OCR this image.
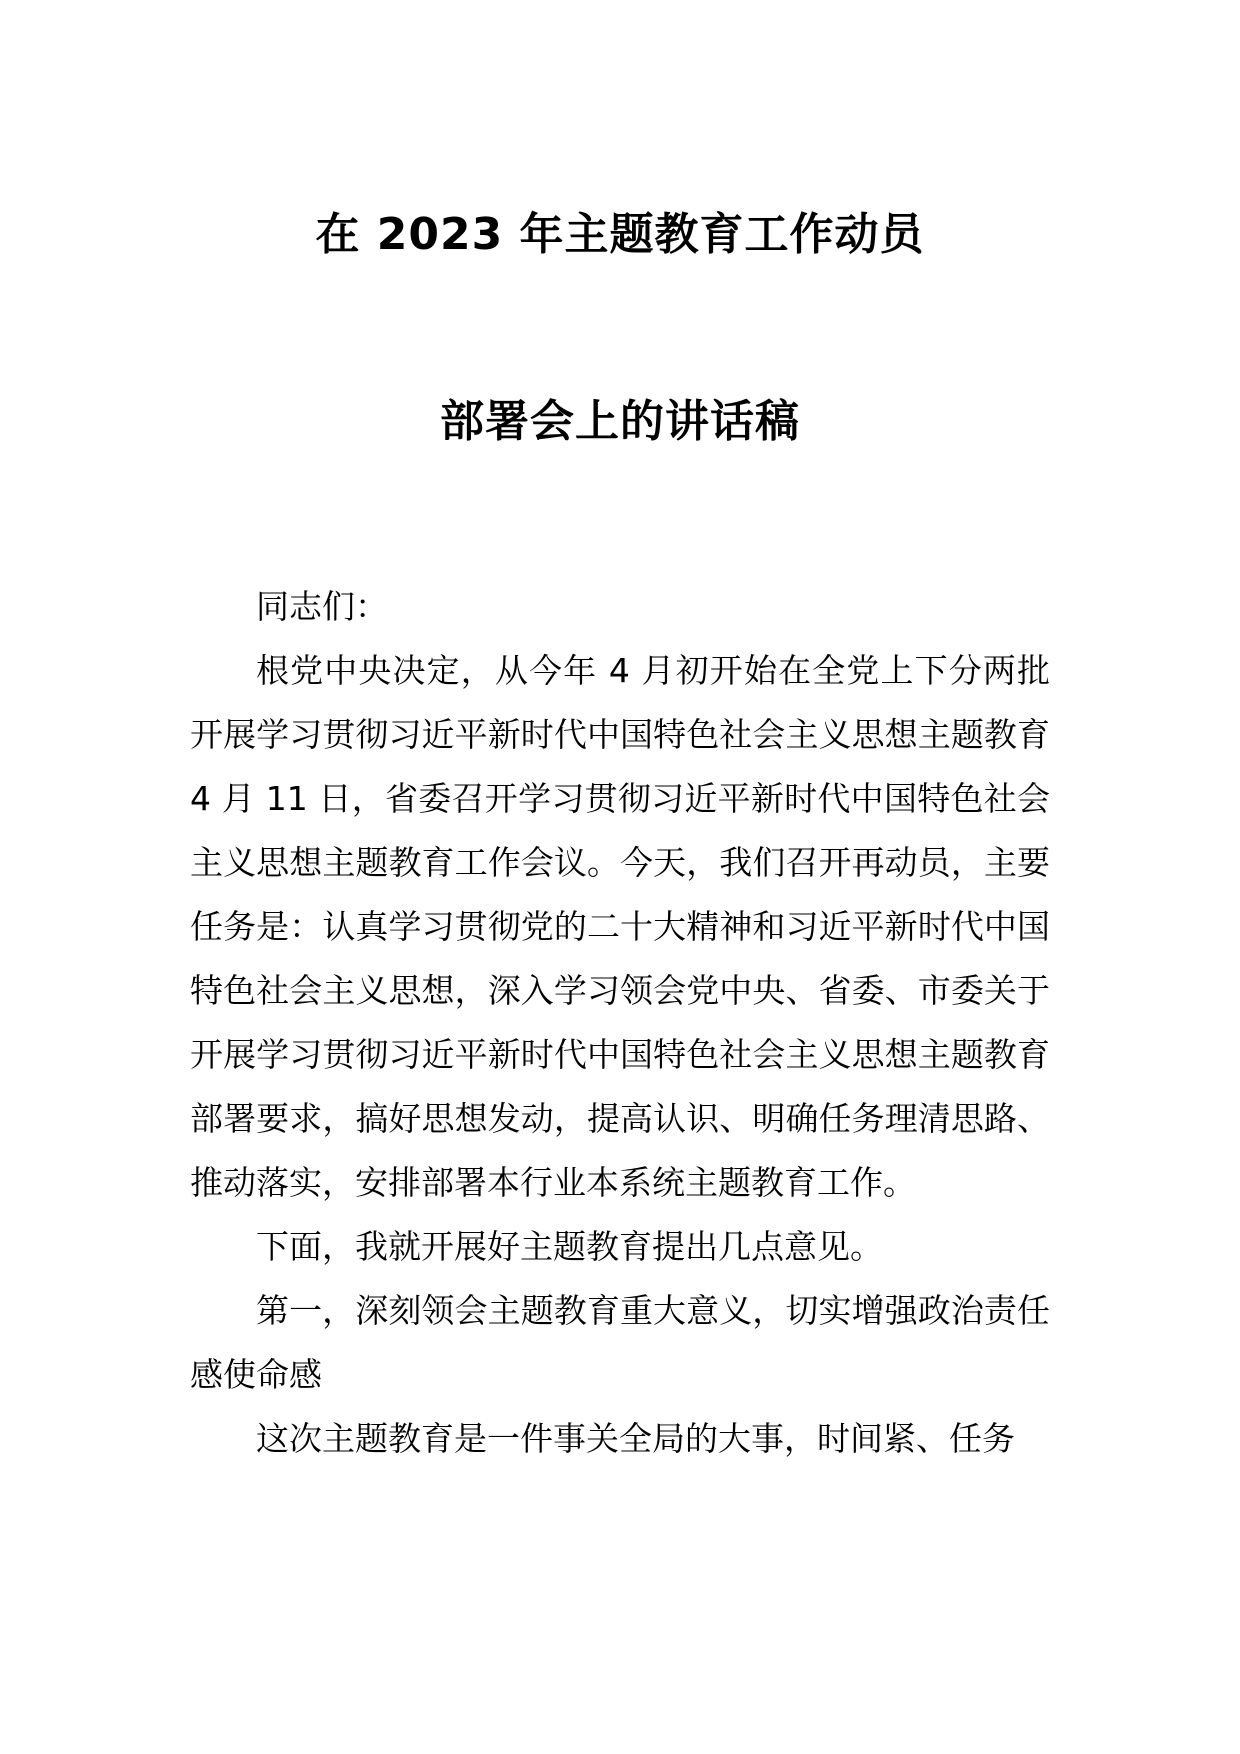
在 2023 年主题教育工作动员
部署会上的讲话稿

同志们：

根党中央决定，从今年 4 月初开始在全党上下分两批开展学习贯彻习近平新时代中国特色社会主义思想主题教育4 月 11 日，省委召开学习贯彻习近平新时代中国特色社会主义思想主题教育工作会议。今天，我们召开再动员，主要任务是：认真学习贯彻党的二十大精神和习近平新时代中国特色社会主义思想，深入学习领会党中央、省委、市委关于开展学习贯彻习近平新时代中国特色社会主义思想主题教育部署要求，搞好思想发动，提高认识、明确任务理清思路、推动落实，安排部署本行业本系统主题教育工作。

下面，我就开展好主题教育提出几点意见。

第一，深刻领会主题教育重大意义，切实增强政治责任感使命感

这次主题教育是一件事关全局的大事，时间紧、任务
